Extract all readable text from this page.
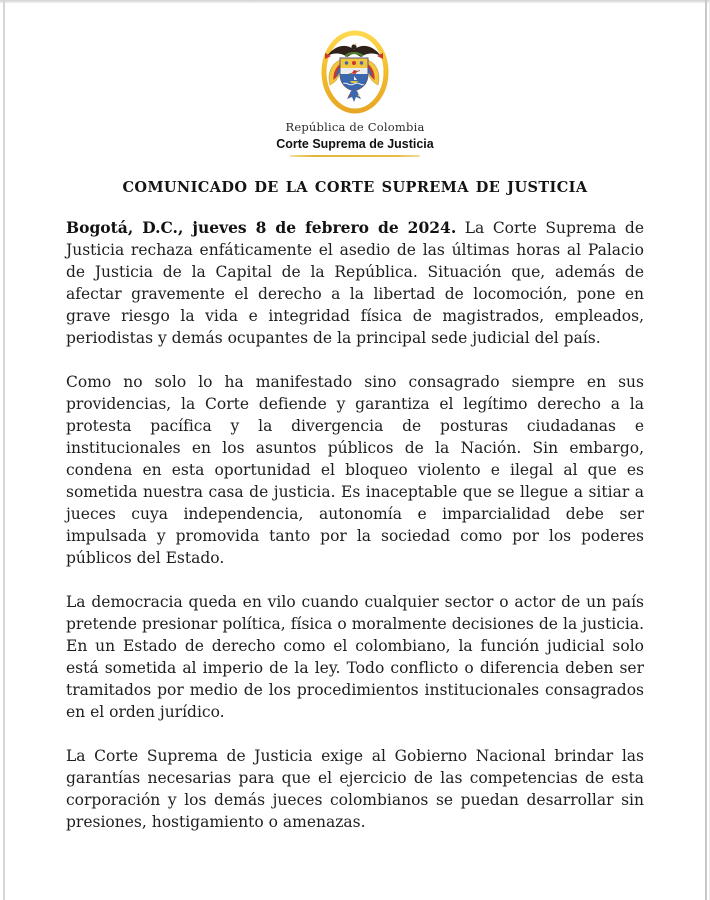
República de Colombia
Corte Suprema de Justicia
COMUNICADO DE LA CORTE SUPREMA DE JUSTICIA

Bogotá, D.C., jueves 8 de febrero de 2024. La Corte Suprema de Justicia rechaza enfáticamente el asedio de las últimas horas al Palacio de Justicia de la Capital de la República. Situación que, además de afectar gravemente el derecho a la libertad de locomoción, pone en grave riesgo la vida e integridad física de magistrados, empleados, periodistas y demás ocupantes de la principal sede judicial del país.

Como no solo lo ha manifestado sino consagrado siempre en sus providencias, la Corte defiende y garantiza el legítimo derecho a la protesta pacífica y la divergencia de posturas ciudadanas e institucionales en los asuntos públicos de la Nación. Sin embargo, condena en esta oportunidad el bloqueo violento e ilegal al que es sometida nuestra casa de justicia. Es inaceptable que se llegue a sitiar a jueces cuya independencia, autonomía e imparcialidad debe ser impulsada y promovida tanto por la sociedad como por los poderes públicos del Estado.

La democracia queda en vilo cuando cualquier sector o actor de un país pretende presionar política, física o moralmente decisiones de la justicia. En un Estado de derecho como el colombiano, la función judicial solo está sometida al imperio de la ley. Todo conflicto o diferencia deben ser tramitados por medio de los procedimientos institucionales consagrados en el orden jurídico.

La Corte Suprema de Justicia exige al Gobierno Nacional brindar las garantías necesarias para que el ejercicio de las competencias de esta corporación y los demás jueces colombianos se puedan desarrollar sin presiones, hostigamiento o amenazas.
